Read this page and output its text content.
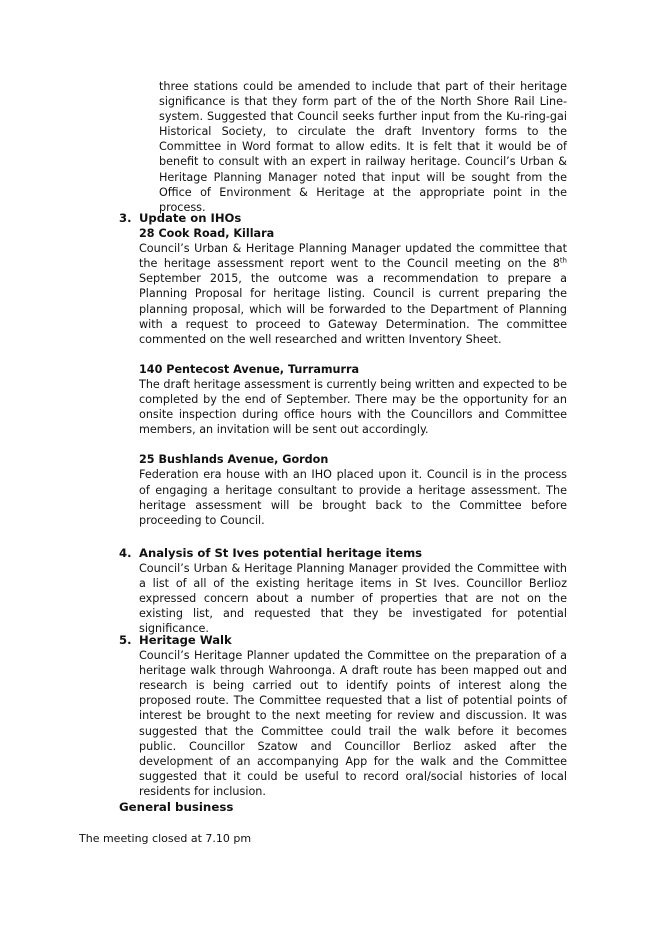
three stations could be amended to include that part of their heritage significance is that they form part of the of the North Shore Rail Line-system. Suggested that Council seeks further input from the Ku-ring-gai Historical Society, to circulate the draft Inventory forms to the Committee in Word format to allow edits. It is felt that it would be of benefit to consult with an expert in railway heritage. Council’s Urban & Heritage Planning Manager noted that input will be sought from the Office of Environment & Heritage at the appropriate point in the process.

3. Update on IHOs
28 Cook Road, Killara

Council’s Urban & Heritage Planning Manager updated the committee that the heritage assessment report went to the Council meeting on the 8th September 2015, the outcome was a recommendation to prepare a Planning Proposal for heritage listing. Council is current preparing the planning proposal, which will be forwarded to the Department of Planning with a request to proceed to Gateway Determination. The committee commented on the well researched and written Inventory Sheet.

140 Pentecost Avenue, Turramurra

The draft heritage assessment is currently being written and expected to be completed by the end of September. There may be the opportunity for an onsite inspection during office hours with the Councillors and Committee members, an invitation will be sent out accordingly.

25 Bushlands Avenue, Gordon

Federation era house with an IHO placed upon it. Council is in the process of engaging a heritage consultant to provide a heritage assessment. The heritage assessment will be brought back to the Committee before proceeding to Council.

4. Analysis of St Ives potential heritage items

Council’s Urban & Heritage Planning Manager provided the Committee with a list of all of the existing heritage items in St Ives. Councillor Berlioz expressed concern about a number of properties that are not on the existing list, and requested that they be investigated for potential significance.

5. Heritage Walk

Council’s Heritage Planner updated the Committee on the preparation of a heritage walk through Wahroonga. A draft route has been mapped out and research is being carried out to identify points of interest along the proposed route. The Committee requested that a list of potential points of interest be brought to the next meeting for review and discussion. It was suggested that the Committee could trail the walk before it becomes public. Councillor Szatow and Councillor Berlioz asked after the development of an accompanying App for the walk and the Committee suggested that it could be useful to record oral/social histories of local residents for inclusion.

General business
The meeting closed at 7.10 pm
